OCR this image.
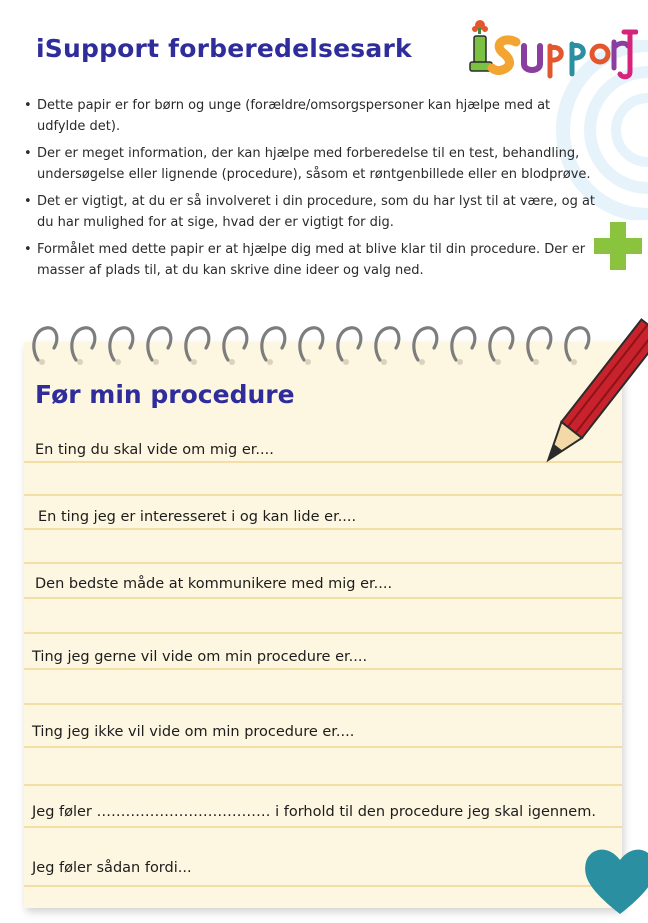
iSupport forberedelsesark
• Dette papir er for børn og unge (forældre/omsorgspersoner kan hjælpe med at udfylde det).
• Der er meget information, der kan hjælpe med forberedelse til en test, behandling, undersøgelse eller lignende (procedure), såsom et røntgenbillede eller en blodprøve.
• Det er vigtigt, at du er så involveret i din procedure, som du har lyst til at være, og at du har mulighed for at sige, hvad der er vigtigt for dig.
• Formålet med dette papir er at hjælpe dig med at blive klar til din procedure. Der er masser af plads til, at du kan skrive dine ideer og valg ned.
Før min procedure
En ting du skal vide om mig er....
En ting jeg er interesseret i og kan lide er....
Den bedste måde at kommunikere med mig er....
Ting jeg gerne vil vide om min procedure er....
Ting jeg ikke vil vide om min procedure er....
Jeg føler ……………………………… i forhold til den procedure jeg skal igennem.
Jeg føler sådan fordi...
